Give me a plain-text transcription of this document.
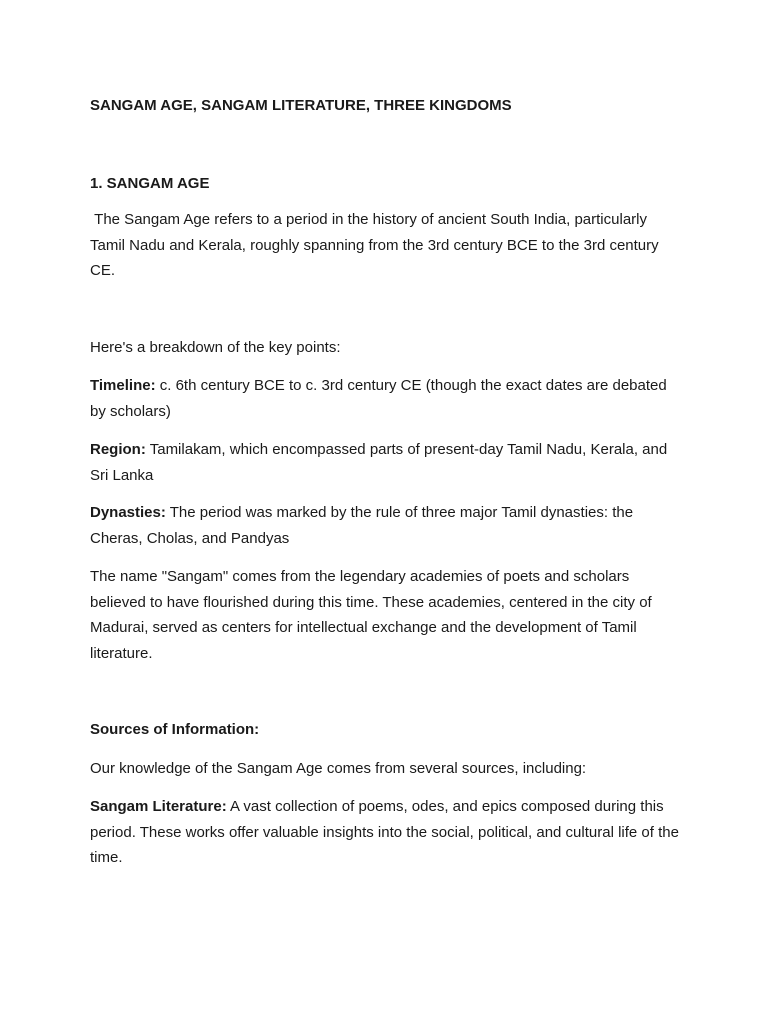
SANGAM AGE, SANGAM LITERATURE, THREE KINGDOMS
1. SANGAM AGE

The Sangam Age refers to a period in the history of ancient South India, particularly Tamil Nadu and Kerala, roughly spanning from the 3rd century BCE to the 3rd century CE.

Here's a breakdown of the key points:

Timeline: c. 6th century BCE to c. 3rd century CE (though the exact dates are debated by scholars)

Region: Tamilakam, which encompassed parts of present-day Tamil Nadu, Kerala, and Sri Lanka

Dynasties: The period was marked by the rule of three major Tamil dynasties: the Cheras, Cholas, and Pandyas

The name "Sangam" comes from the legendary academies of poets and scholars believed to have flourished during this time. These academies, centered in the city of Madurai, served as centers for intellectual exchange and the development of Tamil literature.

Sources of Information:

Our knowledge of the Sangam Age comes from several sources, including:

Sangam Literature: A vast collection of poems, odes, and epics composed during this period. These works offer valuable insights into the social, political, and cultural life of the time.
